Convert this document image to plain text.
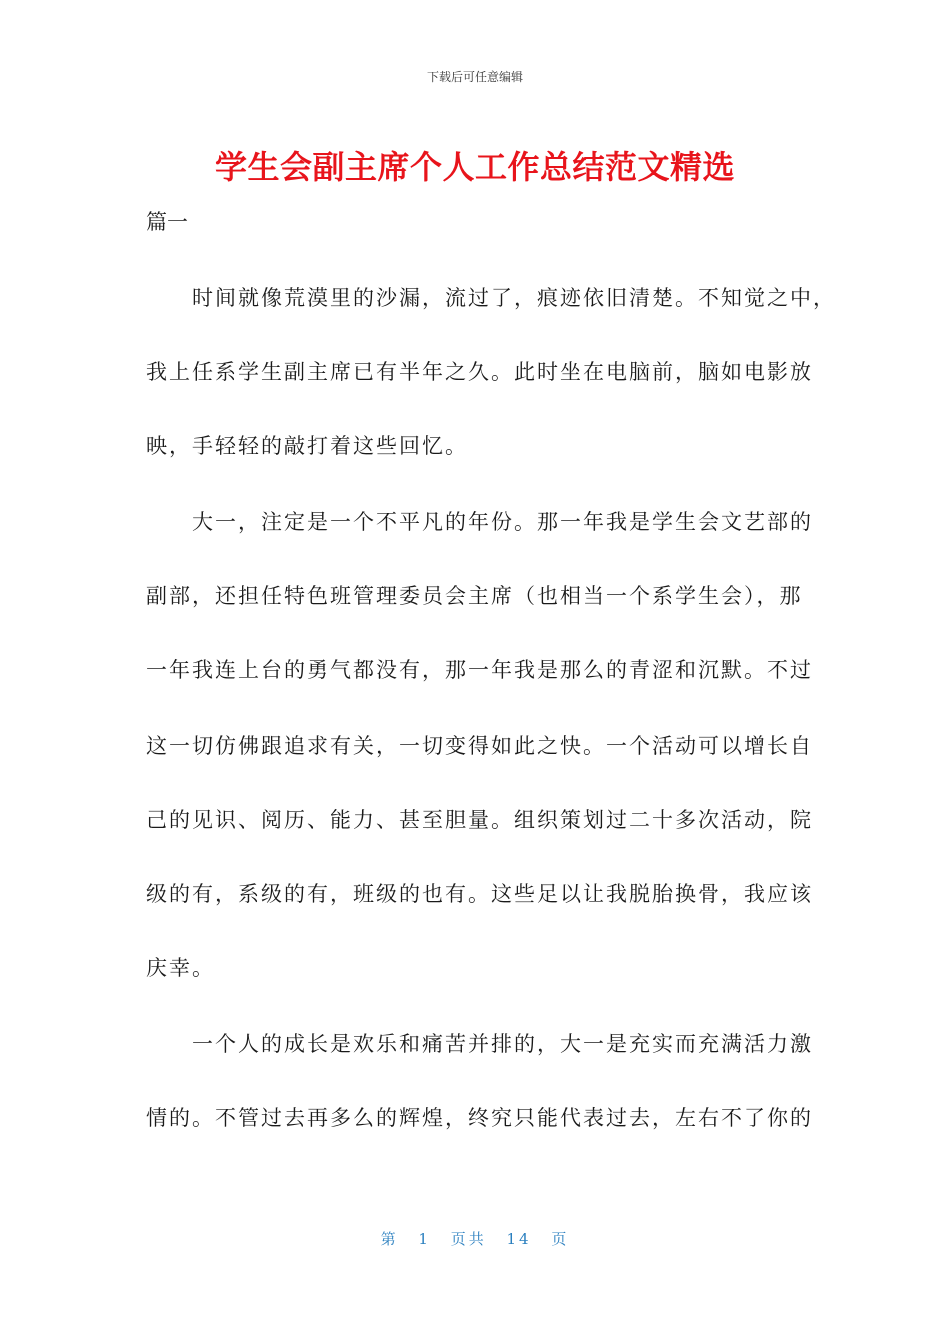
下载后可任意编辑
学生会副主席个人工作总结范文精选
篇一
　　时间就像荒漠里的沙漏，流过了，痕迹依旧清楚。不知觉之中，
我上任系学生副主席已有半年之久。此时坐在电脑前，脑如电影放
映，手轻轻的敲打着这些回忆。
　　大一，注定是一个不平凡的年份。那一年我是学生会文艺部的
副部，还担任特色班管理委员会主席（也相当一个系学生会），那
一年我连上台的勇气都没有，那一年我是那么的青涩和沉默。不过
这一切仿佛跟追求有关，一切变得如此之快。一个活动可以增长自
己的见识、阅历、能力、甚至胆量。组织策划过二十多次活动，院
级的有，系级的有，班级的也有。这些足以让我脱胎换骨，我应该
庆幸。
　　一个人的成长是欢乐和痛苦并排的，大一是充实而充满活力激
情的。不管过去再多么的辉煌，终究只能代表过去，左右不了你的
第 1 页共 14 页
